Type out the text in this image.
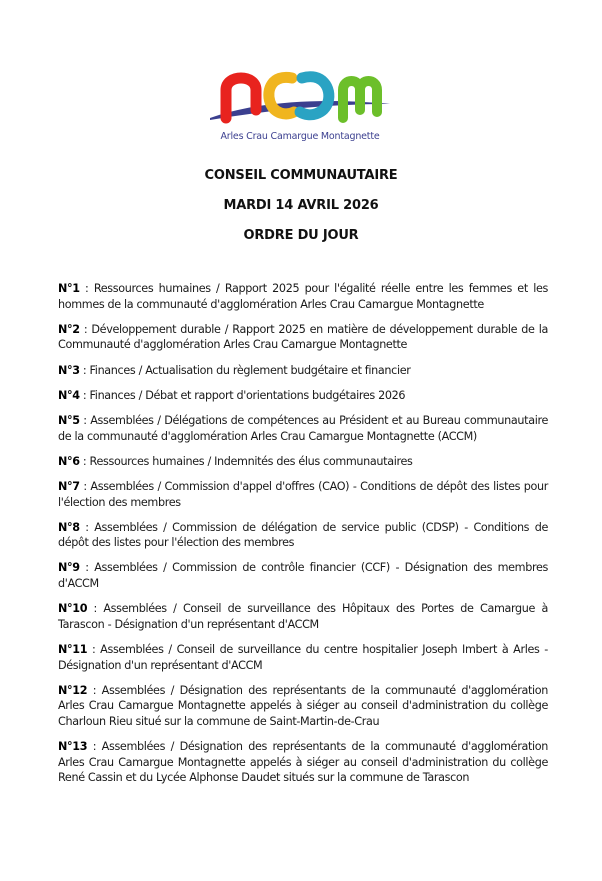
Arles Crau Camargue Montagnette
CONSEIL COMMUNAUTAIRE
MARDI 14 AVRIL 2026
ORDRE DU JOUR

N°1 : Ressources humaines / Rapport 2025 pour l'égalité réelle entre les femmes et les hommes de la communauté d'agglomération Arles Crau Camargue Montagnette

N°2 : Développement durable / Rapport 2025 en matière de développement durable de la Communauté d'agglomération Arles Crau Camargue Montagnette

N°3 : Finances / Actualisation du règlement budgétaire et financier

N°4 : Finances / Débat et rapport d'orientations budgétaires 2026

N°5 : Assemblées / Délégations de compétences au Président et au Bureau communautaire de la communauté d'agglomération Arles Crau Camargue Montagnette (ACCM)

N°6 : Ressources humaines / Indemnités des élus communautaires

N°7 : Assemblées / Commission d'appel d'offres (CAO) - Conditions de dépôt des listes pour l'élection des membres

N°8 : Assemblées / Commission de délégation de service public (CDSP) - Conditions de dépôt des listes pour l'élection des membres

N°9 : Assemblées / Commission de contrôle financier (CCF) - Désignation des membres d'ACCM

N°10 : Assemblées / Conseil de surveillance des Hôpitaux des Portes de Camargue à Tarascon - Désignation d'un représentant d'ACCM

N°11 : Assemblées / Conseil de surveillance du centre hospitalier Joseph Imbert à Arles - Désignation d'un représentant d'ACCM

N°12 : Assemblées / Désignation des représentants de la communauté d'agglomération Arles Crau Camargue Montagnette appelés à siéger au conseil d'administration du collège Charloun Rieu situé sur la commune de Saint-Martin-de-Crau

N°13 : Assemblées / Désignation des représentants de la communauté d'agglomération Arles Crau Camargue Montagnette appelés à siéger au conseil d'administration du collège René Cassin et du Lycée Alphonse Daudet situés sur la commune de Tarascon
